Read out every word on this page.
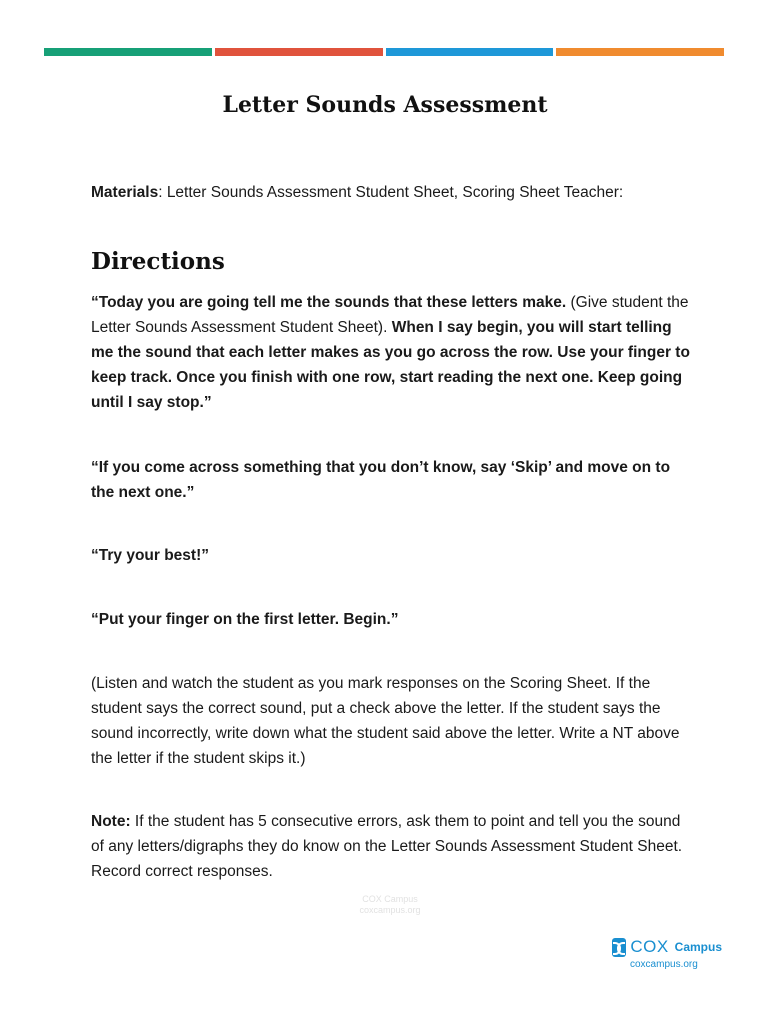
Letter Sounds Assessment

Materials: Letter Sounds Assessment Student Sheet, Scoring Sheet Teacher:

Directions

“Today you are going tell me the sounds that these letters make. (Give student the Letter Sounds Assessment Student Sheet). When I say begin, you will start telling me the sound that each letter makes as you go across the row. Use your finger to keep track. Once you finish with one row, start reading the next one. Keep going until I say stop.”

“If you come across something that you don’t know, say ‘Skip’ and move on to the next one.”

“Try your best!”

“Put your finger on the first letter. Begin.”

(Listen and watch the student as you mark responses on the Scoring Sheet. If the student says the correct sound, put a check above the letter. If the student says the sound incorrectly, write down what the student said above the letter. Write a NT above the letter if the student skips it.)

Note: If the student has 5 consecutive errors, ask them to point and tell you the sound of any letters/digraphs they do know on the Letter Sounds Assessment Student Sheet. Record correct responses.

COX Campus
coxcampus.org
COX Campus
coxcampus.org
